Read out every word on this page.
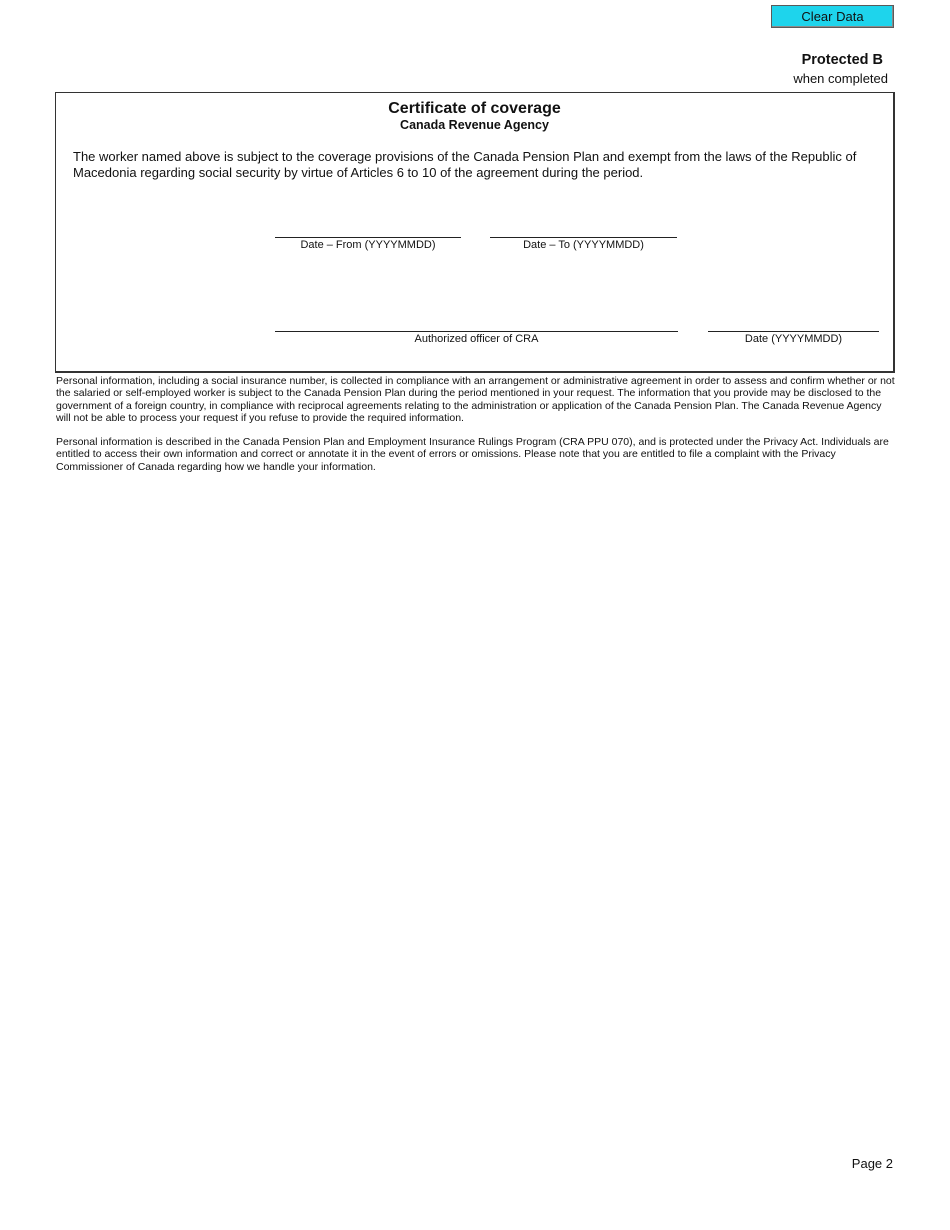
Clear Data
Protected B
when completed
Certificate of coverage
Canada Revenue Agency
The worker named above is subject to the coverage provisions of the Canada Pension Plan and exempt from the laws of the Republic of Macedonia regarding social security by virtue of Articles 6 to 10 of the agreement during the period.
Date – From (YYYYMMDD)	Date – To (YYYYMMDD)
Authorized officer of CRA	Date (YYYYMMDD)
Personal information, including a social insurance number, is collected in compliance with an arrangement or administrative agreement in order to assess and confirm whether or not the salaried or self-employed worker is subject to the Canada Pension Plan during the period mentioned in your request. The information that you provide may be disclosed to the government of a foreign country, in compliance with reciprocal agreements relating to the administration or application of the Canada Pension Plan. The Canada Revenue Agency will not be able to process your request if you refuse to provide the required information.
Personal information is described in the Canada Pension Plan and Employment Insurance Rulings Program (CRA PPU 070), and is protected under the Privacy Act. Individuals are entitled to access their own information and correct or annotate it in the event of errors or omissions. Please note that you are entitled to file a complaint with the Privacy Commissioner of Canada regarding how we handle your information.
Page 2
